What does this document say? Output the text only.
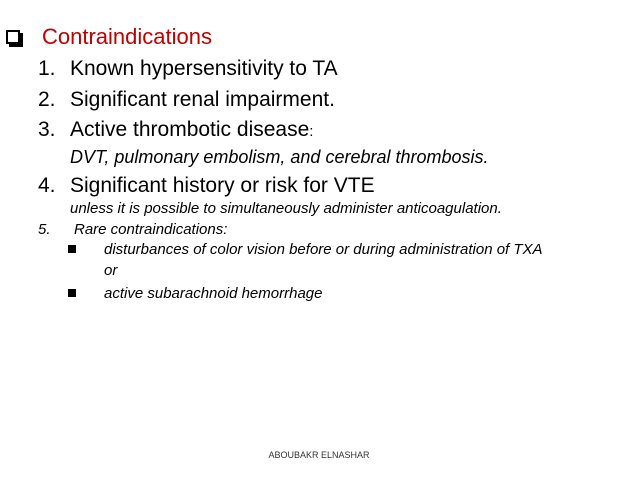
Contraindications
1. Known hypersensitivity to TA
2. Significant renal impairment.
3. Active thrombotic disease:
DVT, pulmonary embolism, and cerebral thrombosis.
4. Significant history or risk for VTE
unless it is possible to simultaneously administer anticoagulation.
5. Rare contraindications:
disturbances of color vision before or during administration of TXA
or
active subarachnoid hemorrhage
ABOUBAKR ELNASHAR
